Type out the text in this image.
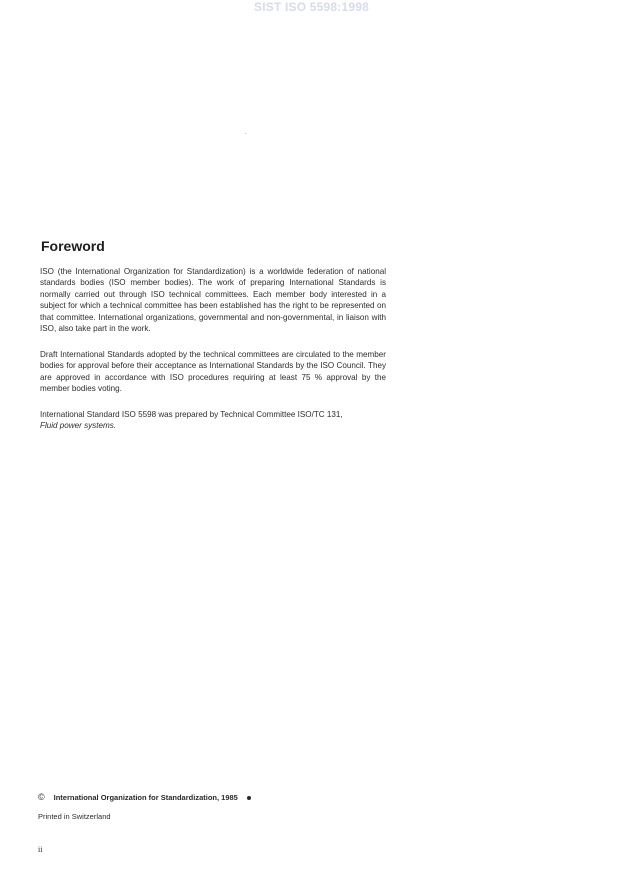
SIST ISO 5598:1998
Foreword

ISO (the International Organization for Standardization) is a worldwide federation of national standards bodies (ISO member bodies). The work of preparing International Standards is normally carried out through ISO technical committees. Each member body interested in a subject for which a technical committee has been established has the right to be represented on that committee. International organizations, governmental and non-governmental, in liaison with ISO, also take part in the work.

Draft International Standards adopted by the technical committees are circulated to the member bodies for approval before their acceptance as International Standards by the ISO Council. They are approved in accordance with ISO procedures requiring at least 75 % approval by the member bodies voting.

International Standard ISO 5598 was prepared by Technical Committee ISO/TC 131,
Fluid power systems.

© International Organization for Standardization, 1985
Printed in Switzerland
ii
